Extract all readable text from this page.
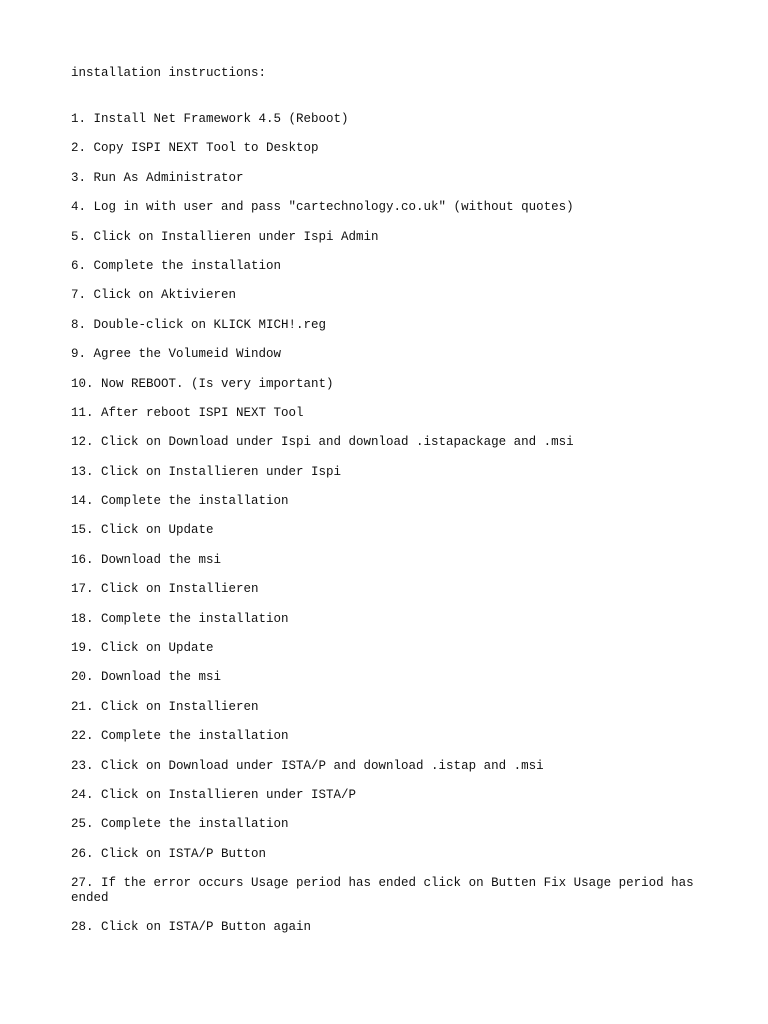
installation instructions:
1. Install Net Framework 4.5 (Reboot)
2. Copy ISPI NEXT Tool to Desktop
3. Run As Administrator
4. Log in with user and pass "cartechnology.co.uk" (without quotes)
5. Click on Installieren under Ispi Admin
6. Complete the installation
7. Click on Aktivieren
8. Double-click on KLICK MICH!.reg
9. Agree the Volumeid Window
10. Now REBOOT. (Is very important)
11. After reboot ISPI NEXT Tool
12. Click on Download under Ispi and download .istapackage and .msi
13. Click on Installieren under Ispi
14. Complete the installation
15. Click on Update
16. Download the msi
17. Click on Installieren
18. Complete the installation
19. Click on Update
20. Download the msi
21. Click on Installieren
22. Complete the installation
23. Click on Download under ISTA/P and download .istap and .msi
24. Click on Installieren under ISTA/P
25. Complete the installation
26. Click on ISTA/P Button
27. If the error occurs Usage period has ended click on Butten Fix Usage period has ended
28. Click on ISTA/P Button again
